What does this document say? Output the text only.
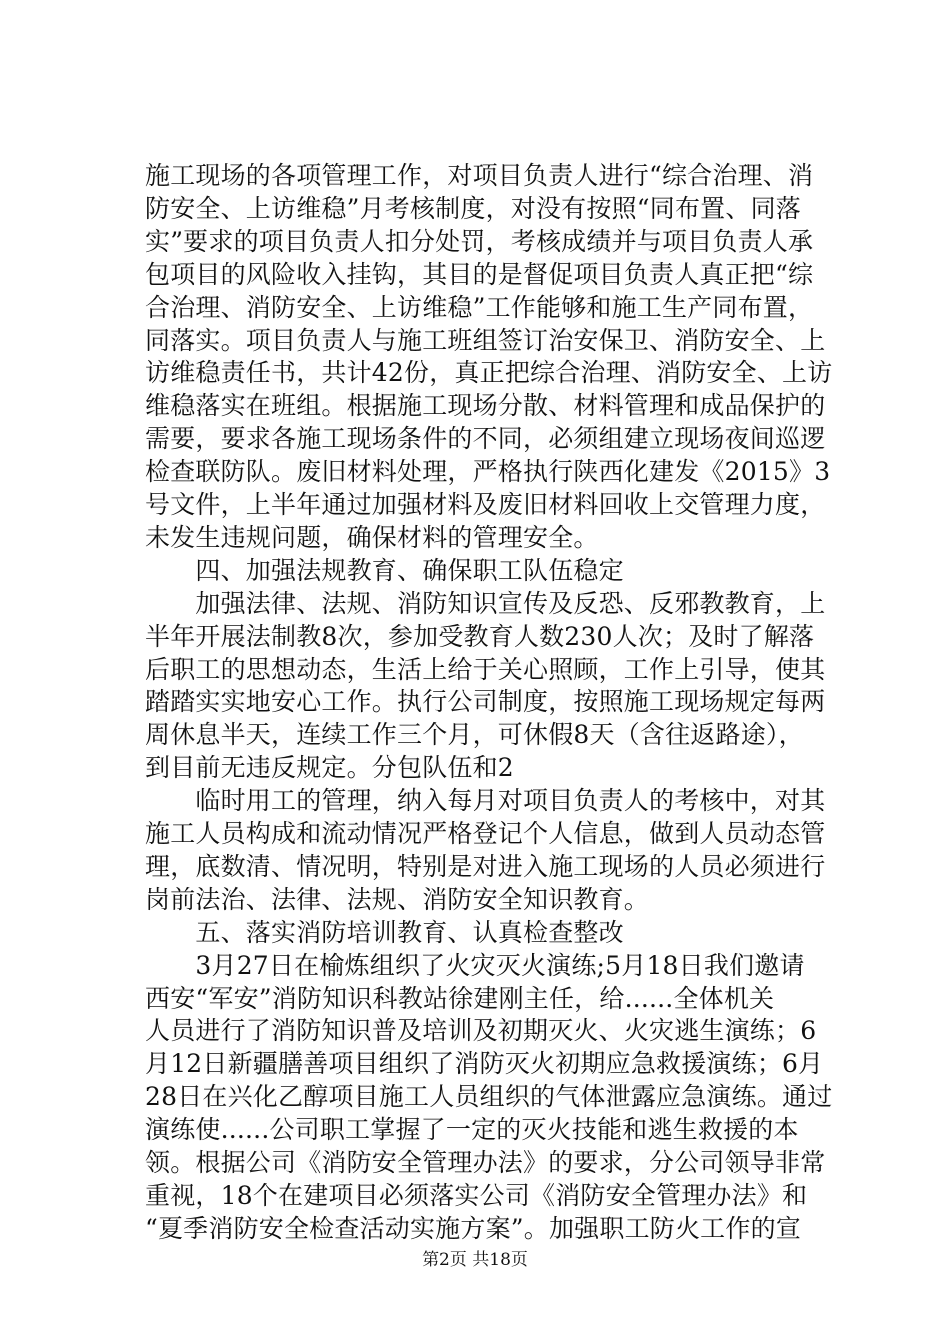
施工现场的各项管理工作，对项目负责人进行“综合治理、消
防安全、上访维稳”月考核制度，对没有按照“同布置、同落
实”要求的项目负责人扣分处罚，考核成绩并与项目负责人承
包项目的风险收入挂钩，其目的是督促项目负责人真正把“综
合治理、消防安全、上访维稳”工作能够和施工生产同布置，
同落实。项目负责人与施工班组签订治安保卫、消防安全、上
访维稳责任书，共计42份，真正把综合治理、消防安全、上访
维稳落实在班组。根据施工现场分散、材料管理和成品保护的
需要，要求各施工现场条件的不同，必须组建立现场夜间巡逻
检查联防队。废旧材料处理，严格执行陕西化建发《2015》3
号文件，上半年通过加强材料及废旧材料回收上交管理力度，
未发生违规问题，确保材料的管理安全。
　　四、加强法规教育、确保职工队伍稳定
　　加强法律、法规、消防知识宣传及反恐、反邪教教育，上
半年开展法制教8次，参加受教育人数230人次；及时了解落
后职工的思想动态，生活上给于关心照顾，工作上引导，使其
踏踏实实地安心工作。执行公司制度，按照施工现场规定每两
周休息半天，连续工作三个月，可休假8天（含往返路途），
到目前无违反规定。分包队伍和2
　　临时用工的管理，纳入每月对项目负责人的考核中，对其
施工人员构成和流动情况严格登记个人信息，做到人员动态管
理，底数清、情况明，特别是对进入施工现场的人员必须进行
岗前法治、法律、法规、消防安全知识教育。
　　五、落实消防培训教育、认真检查整改
　　3月27日在榆炼组织了火灾灭火演练;5月18日我们邀请
西安“军安”消防知识科教站徐建刚主任，给......全体机关
人员进行了消防知识普及培训及初期灭火、火灾逃生演练；6
月12日新疆膳善项目组织了消防灭火初期应急救援演练；6月
28日在兴化乙醇项目施工人员组织的气体泄露应急演练。通过
演练使......公司职工掌握了一定的灭火技能和逃生救援的本
领。根据公司《消防安全管理办法》的要求，分公司领导非常
重视，18个在建项目必须落实公司《消防安全管理办法》和
“夏季消防安全检查活动实施方案”。加强职工防火工作的宣
第2页 共18页
